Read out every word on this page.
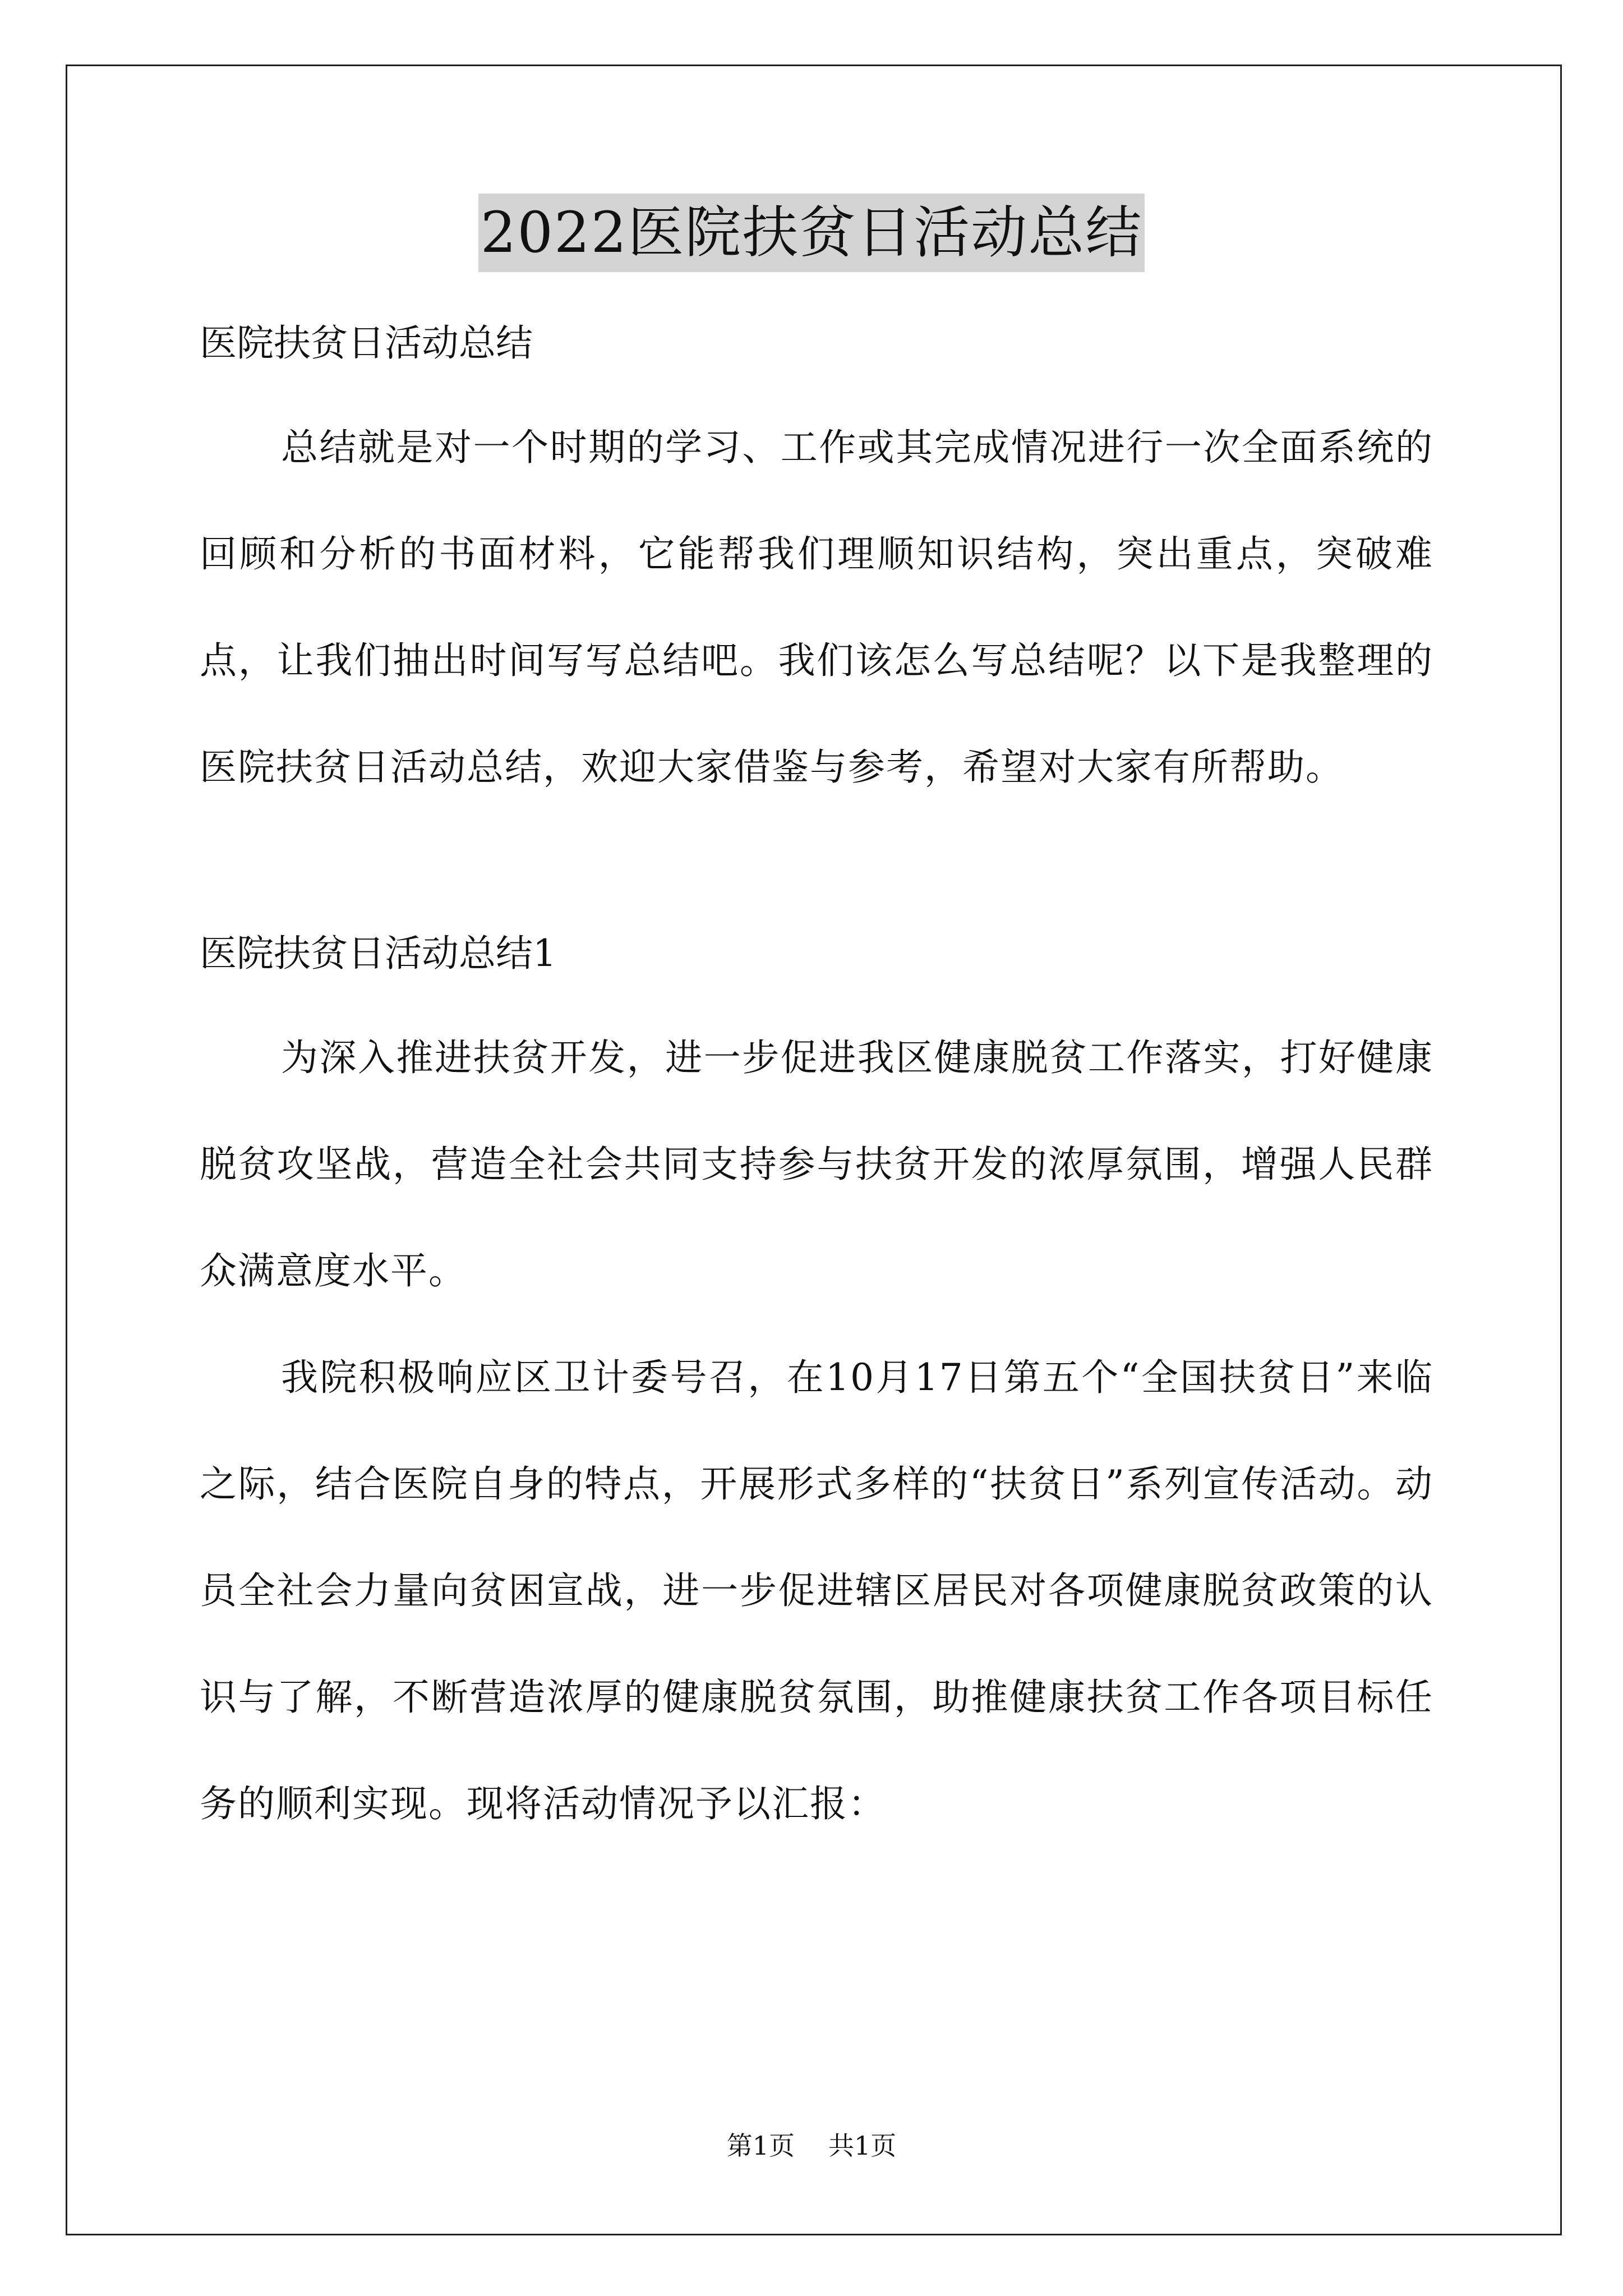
2022医院扶贫日活动总结

医院扶贫日活动总结

总结就是对一个时期的学习、工作或其完成情况进行一次全面系统的回顾和分析的书面材料，它能帮我们理顺知识结构，突出重点，突破难点，让我们抽出时间写写总结吧。我们该怎么写总结呢？以下是我整理的医院扶贫日活动总结，欢迎大家借鉴与参考，希望对大家有所帮助。

医院扶贫日活动总结1

为深入推进扶贫开发，进一步促进我区健康脱贫工作落实，打好健康脱贫攻坚战，营造全社会共同支持参与扶贫开发的浓厚氛围，增强人民群众满意度水平。

我院积极响应区卫计委号召，在10月17日第五个“全国扶贫日”来临之际，结合医院自身的特点，开展形式多样的“扶贫日”系列宣传活动。动员全社会力量向贫困宣战，进一步促进辖区居民对各项健康脱贫政策的认识与了解，不断营造浓厚的健康脱贫氛围，助推健康扶贫工作各项目标任务的顺利实现。现将活动情况予以汇报：

第1页 共1页
